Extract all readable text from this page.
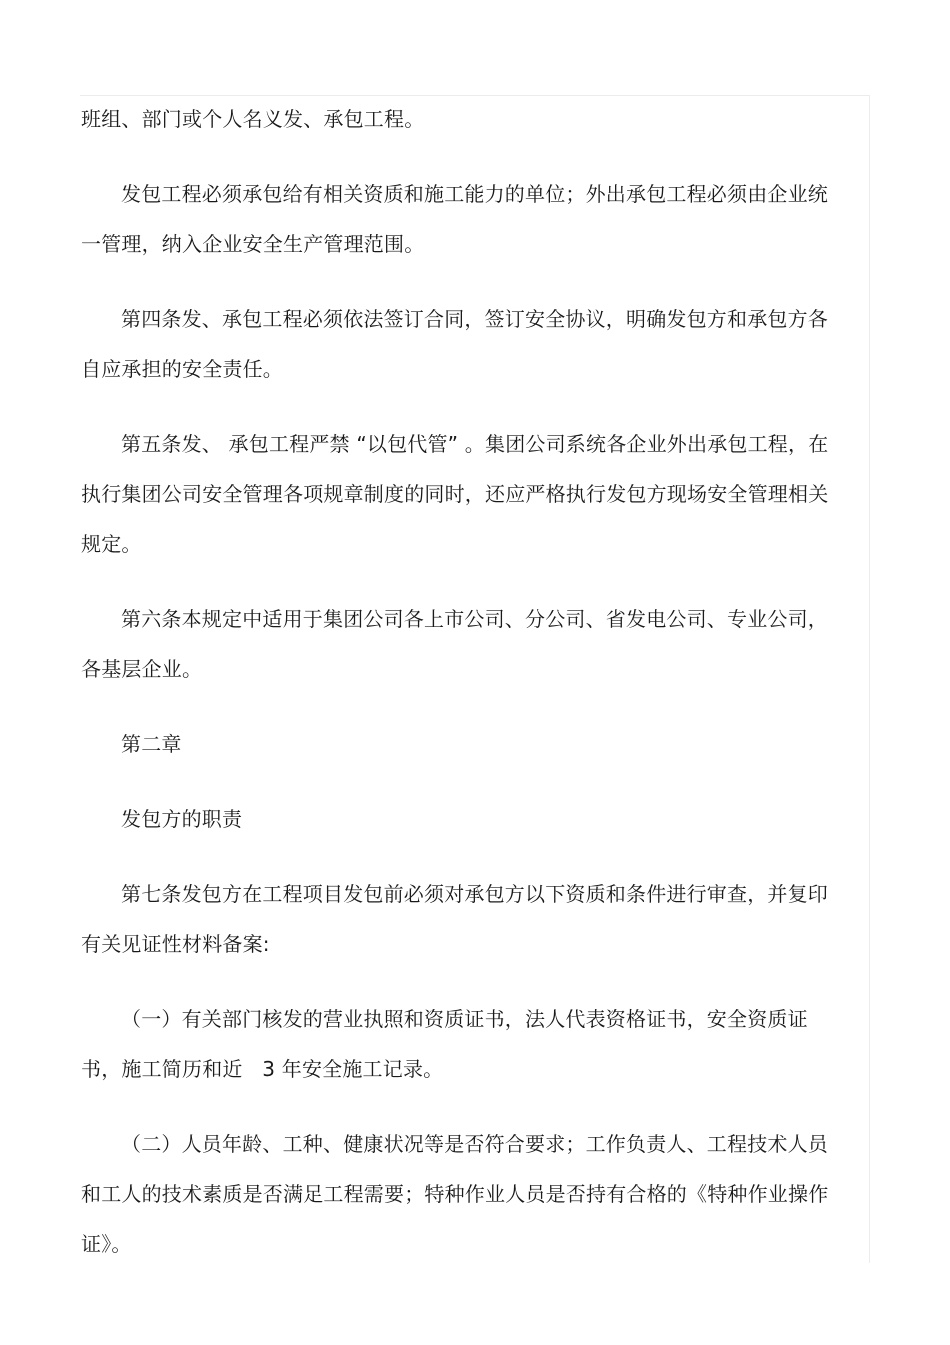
班组、部门或个人名义发、承包工程。

发包工程必须承包给有相关资质和施工能力的单位；外出承包工程必须由企业统一管理，纳入企业安全生产管理范围。

第四条发、承包工程必须依法签订合同，签订安全协议，明确发包方和承包方各自应承担的安全责任。

第五条发、 承包工程严禁 “以包代管” 。集团公司系统各企业外出承包工程，在执行集团公司安全管理各项规章制度的同时，还应严格执行发包方现场安全管理相关规定。

第六条本规定中适用于集团公司各上市公司、分公司、省发电公司、专业公司，各基层企业。

第二章

发包方的职责

第七条发包方在工程项目发包前必须对承包方以下资质和条件进行审查，并复印有关见证性材料备案:

（一）有关部门核发的营业执照和资质证书，法人代表资格证书，安全资质证书，施工简历和近   3 年安全施工记录。

（二）人员年龄、工种、健康状况等是否符合要求；工作负责人、工程技术人员和工人的技术素质是否满足工程需要；特种作业人员是否持有合格的《特种作业操作证》。
